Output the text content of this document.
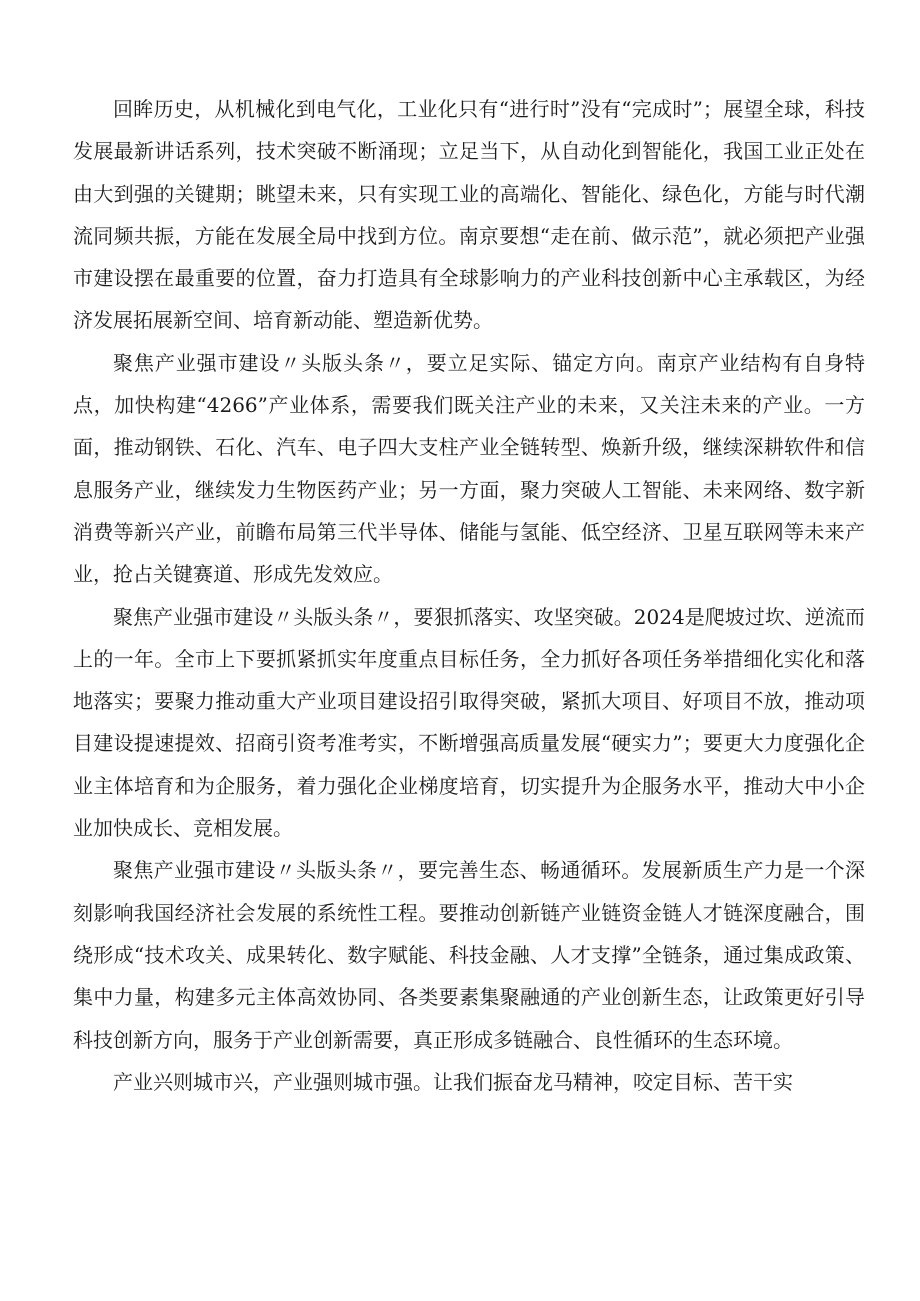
回眸历史，从机械化到电气化，工业化只有“进行时”没有“完成时”；展望全球，科技发展最新讲话系列，技术突破不断涌现；立足当下，从自动化到智能化，我国工业正处在由大到强的关键期；眺望未来，只有实现工业的高端化、智能化、绿色化，方能与时代潮流同频共振，方能在发展全局中找到方位。南京要想“走在前、做示范”，就必须把产业强市建设摆在最重要的位置，奋力打造具有全球影响力的产业科技创新中心主承载区，为经济发展拓展新空间、培育新动能、塑造新优势。

聚焦产业强市建设〃头版头条〃，要立足实际、锚定方向。南京产业结构有自身特点，加快构建“4266”产业体系，需要我们既关注产业的未来，又关注未来的产业。一方面，推动钢铁、石化、汽车、电子四大支柱产业全链转型、焕新升级，继续深耕软件和信息服务产业，继续发力生物医药产业；另一方面，聚力突破人工智能、未来网络、数字新消费等新兴产业，前瞻布局第三代半导体、储能与氢能、低空经济、卫星互联网等未来产业，抢占关键赛道、形成先发效应。

聚焦产业强市建设〃头版头条〃，要狠抓落实、攻坚突破。2024是爬坡过坎、逆流而上的一年。全市上下要抓紧抓实年度重点目标任务，全力抓好各项任务举措细化实化和落地落实；要聚力推动重大产业项目建设招引取得突破，紧抓大项目、好项目不放，推动项目建设提速提效、招商引资考准考实，不断增强高质量发展“硬实力”；要更大力度强化企业主体培育和为企服务，着力强化企业梯度培育，切实提升为企服务水平，推动大中小企业加快成长、竞相发展。

聚焦产业强市建设〃头版头条〃，要完善生态、畅通循环。发展新质生产力是一个深刻影响我国经济社会发展的系统性工程。要推动创新链产业链资金链人才链深度融合，围绕形成“技术攻关、成果转化、数字赋能、科技金融、人才支撑”全链条，通过集成政策、集中力量，构建多元主体高效协同、各类要素集聚融通的产业创新生态，让政策更好引导科技创新方向，服务于产业创新需要，真正形成多链融合、良性循环的生态环境。

产业兴则城市兴，产业强则城市强。让我们振奋龙马精神，咬定目标、苦干实
